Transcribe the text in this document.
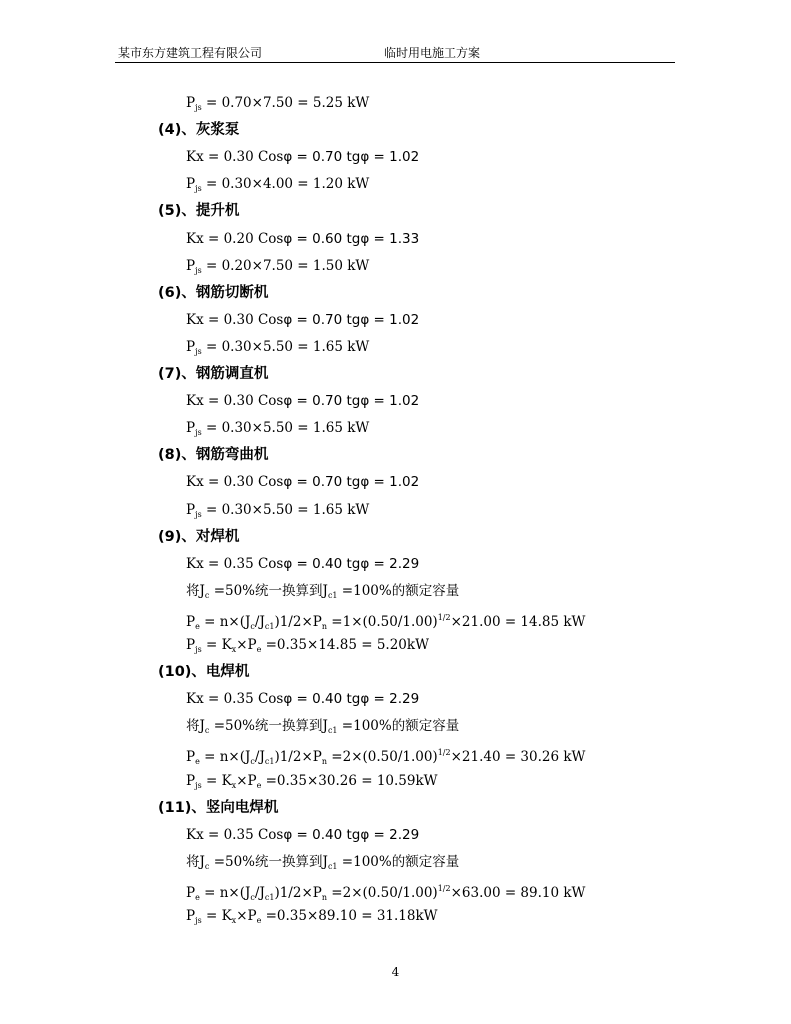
某市东方建筑工程有限公司	临时用电施工方案
$P_{js} = 0.70\times 7.50 = 5.25$ kW
(4)、灰浆泵
Kx = 0.30 Cosφ = 0.70 tgφ = 1.02
$P_{js} = 0.30\times 4.00 = 1.20$ kW
(5)、提升机
Kx = 0.20 Cosφ = 0.60 tgφ = 1.33
$P_{js} = 0.20\times 7.50 = 1.50$ kW
(6)、钢筋切断机
Kx = 0.30 Cosφ = 0.70 tgφ = 1.02
$P_{js} = 0.30\times 5.50 = 1.65$ kW
(7)、钢筋调直机
Kx = 0.30 Cosφ = 0.70 tgφ = 1.02
$P_{js} = 0.30\times 5.50 = 1.65$ kW
(8)、钢筋弯曲机
Kx = 0.30 Cosφ = 0.70 tgφ = 1.02
$P_{js} = 0.30\times 5.50 = 1.65$ kW
(9)、对焊机
Kx = 0.35 Cosφ = 0.40 tgφ = 2.29
将$J_c =50\%$统一换算到$J_{c1} =100\%$的额定容量
$P_e = n\times(J_c/J_{c1})1/2\times P_n =1\times(0.50/1.00)^{1/2}\times 21.00 = 14.85$ kW
$P_{js} = K_x\times P_e =0.35\times 14.85 = 5.20kW$
(10)、电焊机
Kx = 0.35 Cosφ = 0.40 tgφ = 2.29
将$J_c =50\%$统一换算到$J_{c1} =100\%$的额定容量
$P_e = n\times(J_c/J_{c1})1/2\times P_n =2\times(0.50/1.00)^{1/2}\times 21.40 = 30.26$ kW
$P_{js} = K_x\times P_e =0.35\times 30.26 = 10.59kW$
(11)、竖向电焊机
Kx = 0.35 Cosφ = 0.40 tgφ = 2.29
将$J_c =50\%$统一换算到$J_{c1} =100\%$的额定容量
$P_e = n\times(J_c/J_{c1})1/2\times P_n =2\times(0.50/1.00)^{1/2}\times 63.00 = 89.10$ kW
$P_{js} = K_x\times P_e =0.35\times 89.10 = 31.18kW$
4
